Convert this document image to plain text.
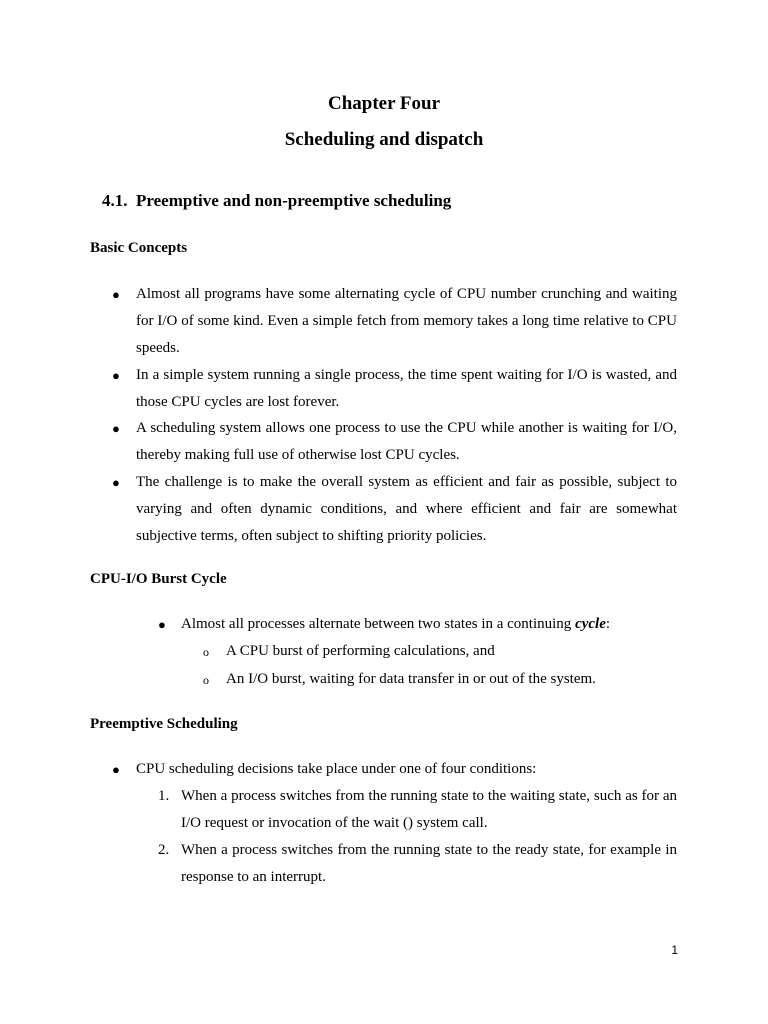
Chapter Four
Scheduling and dispatch
4.1. Preemptive and non-preemptive scheduling
Basic Concepts
● Almost all programs have some alternating cycle of CPU number crunching and waiting for I/O of some kind. Even a simple fetch from memory takes a long time relative to CPU speeds.
● In a simple system running a single process, the time spent waiting for I/O is wasted, and those CPU cycles are lost forever.
● A scheduling system allows one process to use the CPU while another is waiting for I/O, thereby making full use of otherwise lost CPU cycles.
● The challenge is to make the overall system as efficient and fair as possible, subject to varying and often dynamic conditions, and where efficient and fair are somewhat subjective terms, often subject to shifting priority policies.
CPU-I/O Burst Cycle
● Almost all processes alternate between two states in a continuing cycle:
o A CPU burst of performing calculations, and
o An I/O burst, waiting for data transfer in or out of the system.
Preemptive Scheduling
● CPU scheduling decisions take place under one of four conditions:
1. When a process switches from the running state to the waiting state, such as for an I/O request or invocation of the wait () system call.
2. When a process switches from the running state to the ready state, for example in response to an interrupt.
1
